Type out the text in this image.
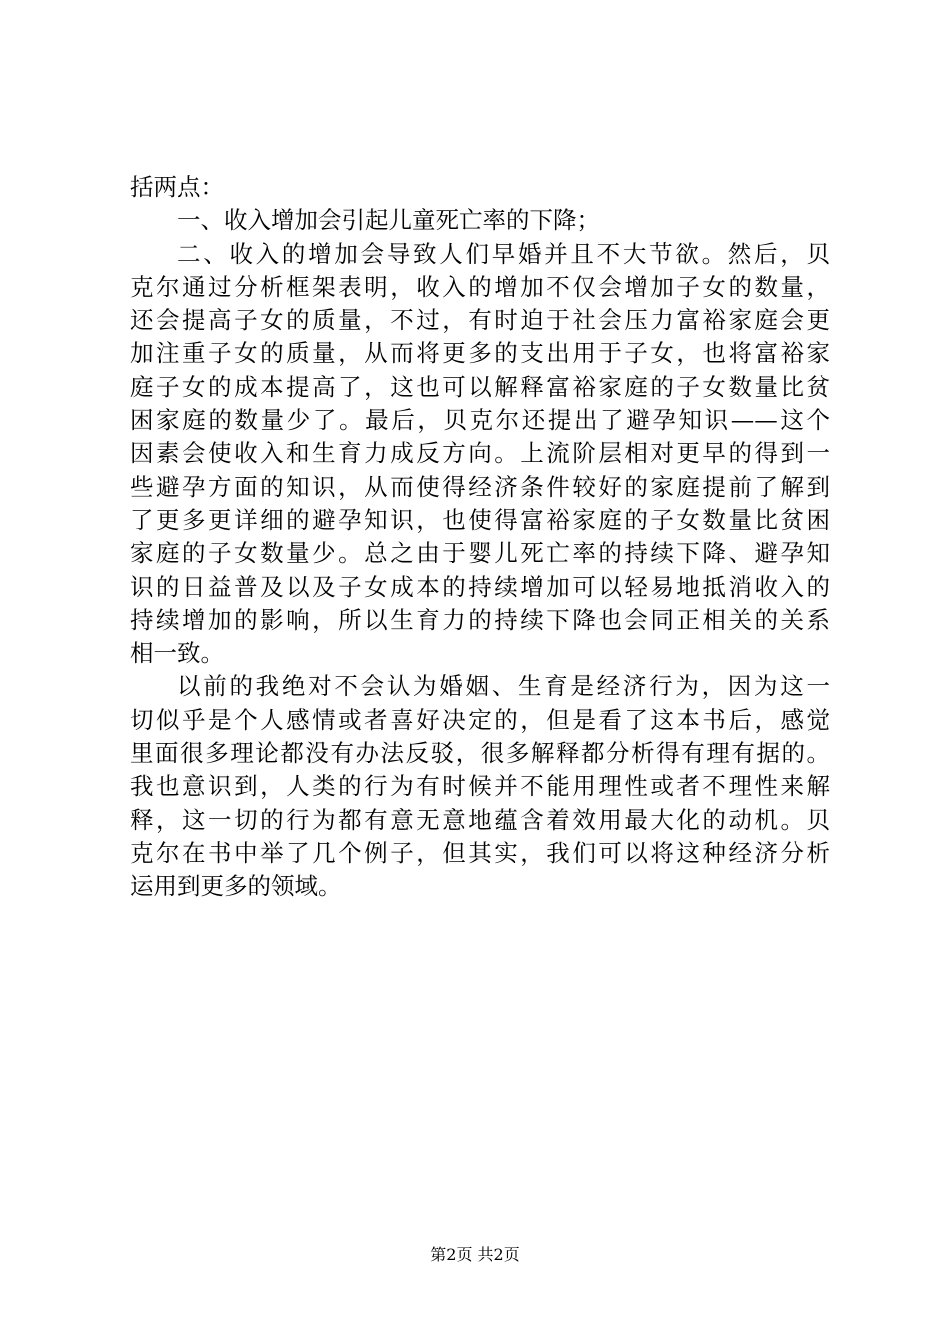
括两点：
一、收入增加会引起儿童死亡率的下降；
二、收入的增加会导致人们早婚并且不大节欲。然后，贝
克尔通过分析框架表明，收入的增加不仅会增加子女的数量，
还会提高子女的质量，不过，有时迫于社会压力富裕家庭会更
加注重子女的质量，从而将更多的支出用于子女，也将富裕家
庭子女的成本提高了，这也可以解释富裕家庭的子女数量比贫
困家庭的数量少了。最后，贝克尔还提出了避孕知识——这个
因素会使收入和生育力成反方向。上流阶层相对更早的得到一
些避孕方面的知识，从而使得经济条件较好的家庭提前了解到
了更多更详细的避孕知识，也使得富裕家庭的子女数量比贫困
家庭的子女数量少。总之由于婴儿死亡率的持续下降、避孕知
识的日益普及以及子女成本的持续增加可以轻易地抵消收入的
持续增加的影响，所以生育力的持续下降也会同正相关的关系
相一致。
以前的我绝对不会认为婚姻、生育是经济行为，因为这一
切似乎是个人感情或者喜好决定的，但是看了这本书后，感觉
里面很多理论都没有办法反驳，很多解释都分析得有理有据的。
我也意识到，人类的行为有时候并不能用理性或者不理性来解
释，这一切的行为都有意无意地蕴含着效用最大化的动机。贝
克尔在书中举了几个例子，但其实，我们可以将这种经济分析
运用到更多的领域。
第2页 共2页
